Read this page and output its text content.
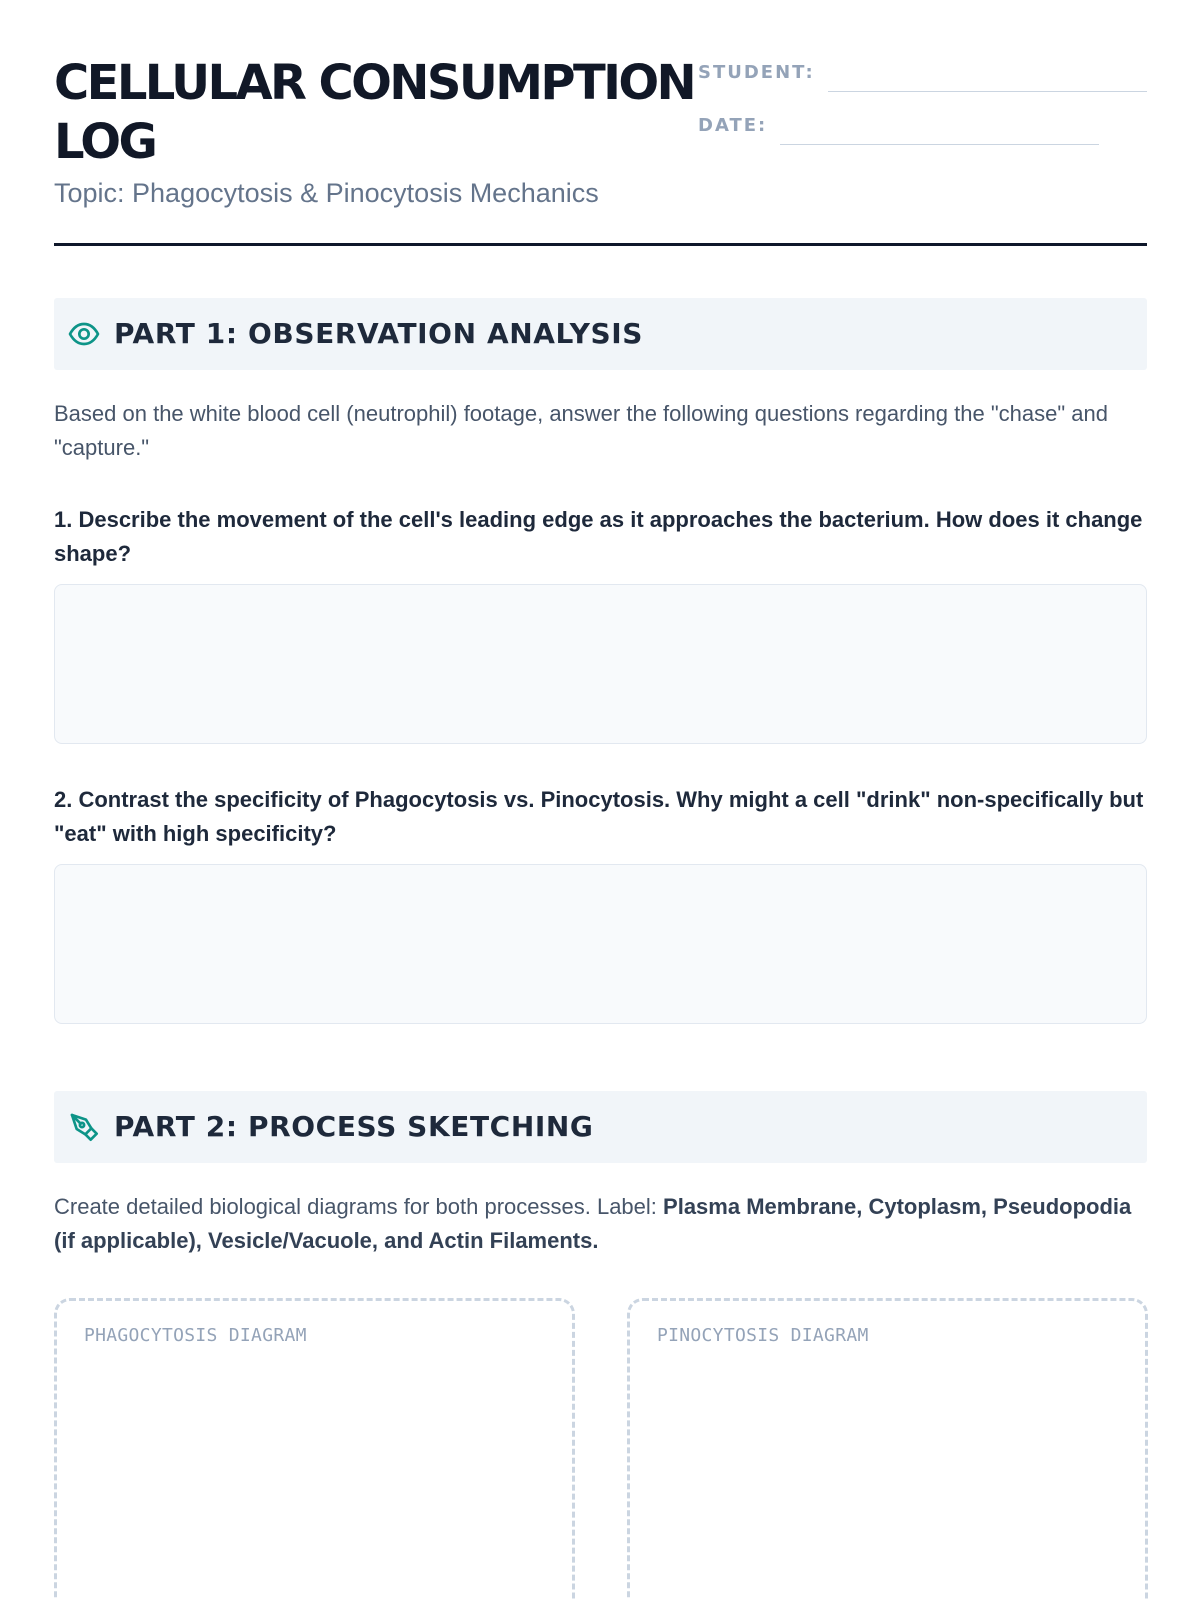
CELLULAR CONSUMPTION LOG
Topic: Phagocytosis & Pinocytosis Mechanics
STUDENT:
DATE:
PART 1: OBSERVATION ANALYSIS

Based on the white blood cell (neutrophil) footage, answer the following questions regarding the "chase" and "capture."

1. Describe the movement of the cell's leading edge as it approaches the bacterium. How does it change shape?

2. Contrast the specificity of Phagocytosis vs. Pinocytosis. Why might a cell "drink" non-specifically but "eat" with high specificity?

PART 2: PROCESS SKETCHING

Create detailed biological diagrams for both processes. Label: Plasma Membrane, Cytoplasm, Pseudopodia (if applicable), Vesicle/Vacuole, and Actin Filaments.

PHAGOCYTOSIS DIAGRAM	PINOCYTOSIS DIAGRAM
